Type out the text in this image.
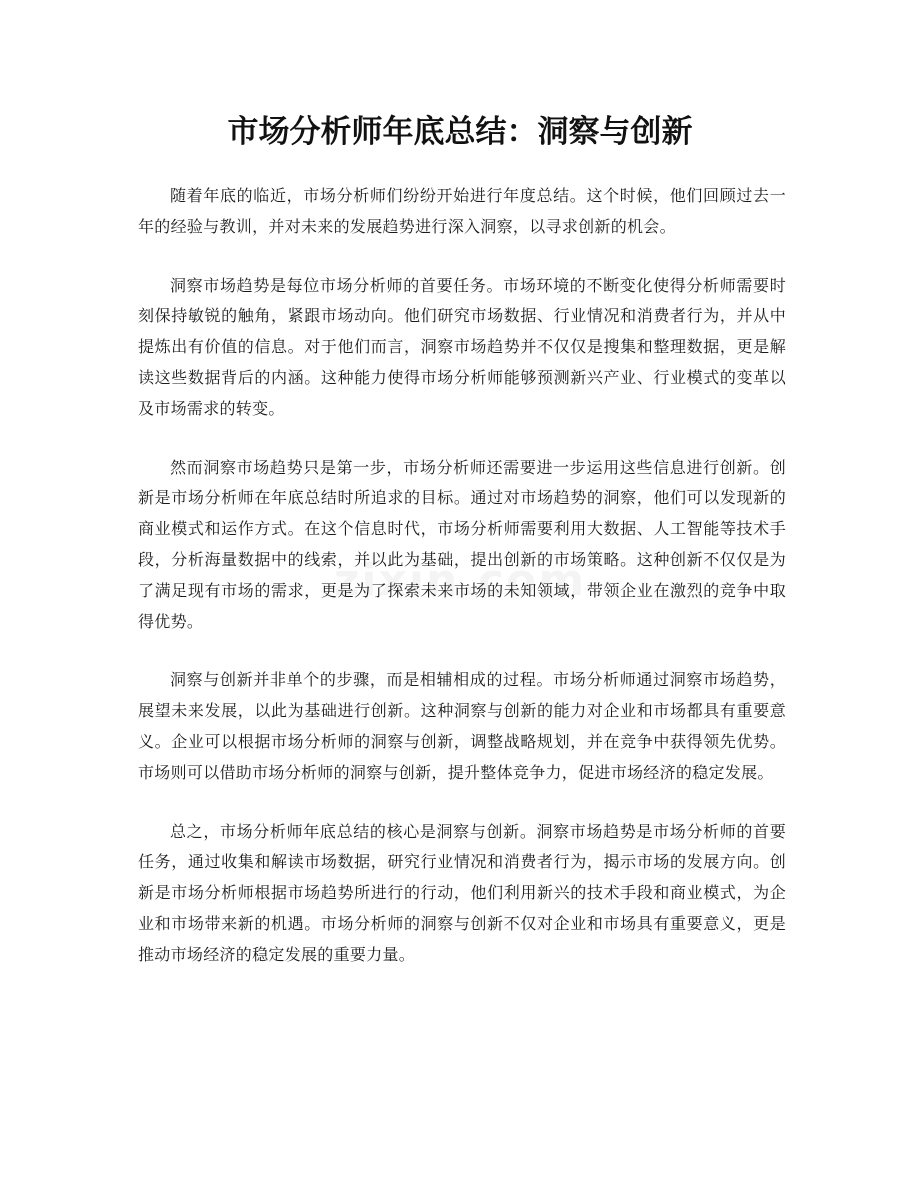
市场分析师年底总结：洞察与创新

随着年底的临近，市场分析师们纷纷开始进行年度总结。这个时候，他们回顾过去一年的经验与教训，并对未来的发展趋势进行深入洞察，以寻求创新的机会。

洞察市场趋势是每位市场分析师的首要任务。市场环境的不断变化使得分析师需要时刻保持敏锐的触角，紧跟市场动向。他们研究市场数据、行业情况和消费者行为，并从中提炼出有价值的信息。对于他们而言，洞察市场趋势并不仅仅是搜集和整理数据，更是解读这些数据背后的内涵。这种能力使得市场分析师能够预测新兴产业、行业模式的变革以及市场需求的转变。

然而洞察市场趋势只是第一步，市场分析师还需要进一步运用这些信息进行创新。创新是市场分析师在年底总结时所追求的目标。通过对市场趋势的洞察，他们可以发现新的商业模式和运作方式。在这个信息时代，市场分析师需要利用大数据、人工智能等技术手段，分析海量数据中的线索，并以此为基础，提出创新的市场策略。这种创新不仅仅是为了满足现有市场的需求，更是为了探索未来市场的未知领域，带领企业在激烈的竞争中取得优势。

洞察与创新并非单个的步骤，而是相辅相成的过程。市场分析师通过洞察市场趋势，展望未来发展，以此为基础进行创新。这种洞察与创新的能力对企业和市场都具有重要意义。企业可以根据市场分析师的洞察与创新，调整战略规划，并在竞争中获得领先优势。市场则可以借助市场分析师的洞察与创新，提升整体竞争力，促进市场经济的稳定发展。

总之，市场分析师年底总结的核心是洞察与创新。洞察市场趋势是市场分析师的首要任务，通过收集和解读市场数据，研究行业情况和消费者行为，揭示市场的发展方向。创新是市场分析师根据市场趋势所进行的行动，他们利用新兴的技术手段和商业模式，为企业和市场带来新的机遇。市场分析师的洞察与创新不仅对企业和市场具有重要意义，更是推动市场经济的稳定发展的重要力量。
